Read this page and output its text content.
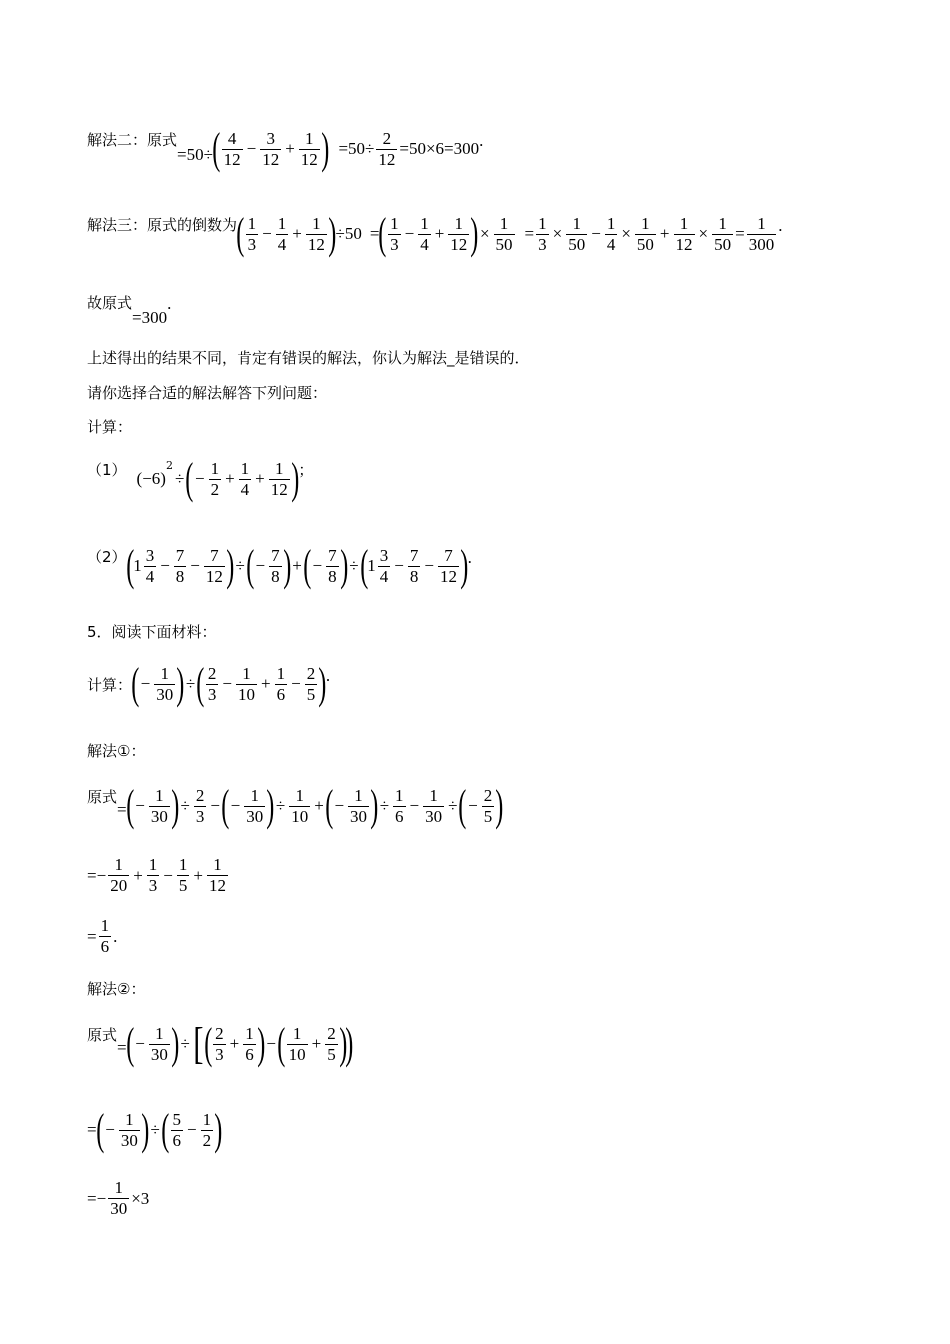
解法二：原式
=50÷ ( $\frac{4}{12} - \frac{3}{12} + \frac{1}{12}$ ) $=50\div \frac{2}{12} =50\times 6=300$ .
解法三：原式的倒数为 ( $\frac{1}{3} - \frac{1}{4} + \frac{1}{12}$ ) ÷50 = ( $\frac{1}{3} - \frac{1}{4} + \frac{1}{12}$ ) × $\frac{1}{50} = \frac{1}{3} \times \frac{1}{50} - \frac{1}{4} \times \frac{1}{50} + \frac{1}{12} \times \frac{1}{50} = \frac{1}{300}$ .
故原式
=300
.
上述得出的结果不同，肯定有错误的解法，你认为解法_是错误的．
请你选择合适的解法解答下列问题：
计算：
（1） (−6)
2
÷ ( − $\frac{1}{2} + \frac{1}{4} + \frac{1}{12}$ ) ；
（2） ( $1 \frac{3}{4} - \frac{7}{8} - \frac{7}{12}$ ) ÷ ( − $\frac{7}{8}$ ) + ( − $\frac{7}{8}$ ) ÷ ( $1 \frac{3}{4} - \frac{7}{8} - \frac{7}{12}$ ) .
5．阅读下面材料：
计算： ( − $\frac{1}{30}$ ) ÷ ( $\frac{2}{3} - \frac{1}{10} + \frac{1}{6} - \frac{2}{5}$ ) .
解法①：
原式
= ( − $\frac{1}{30}$ ) ÷ $\frac{2}{3}$ − ( − $\frac{1}{30}$ ) ÷ $\frac{1}{10}$ + ( − $\frac{1}{30}$ ) ÷ $\frac{1}{6} - \frac{1}{30}$ ÷ ( − $\frac{2}{5}$ )
=− $\frac{1}{20} + \frac{1}{3} - \frac{1}{5} + \frac{1}{12}$
= $\frac{1}{6}$ .
解法②：
原式
= ( − $\frac{1}{30}$ ) ÷ [ ( $\frac{2}{3} + \frac{1}{6}$ ) − ( $\frac{1}{10} + \frac{2}{5}$ )
)
= ( − $\frac{1}{30}$ ) ÷ ( $\frac{5}{6} - \frac{1}{2}$ )
=− $\frac{1}{30} \times 3$
